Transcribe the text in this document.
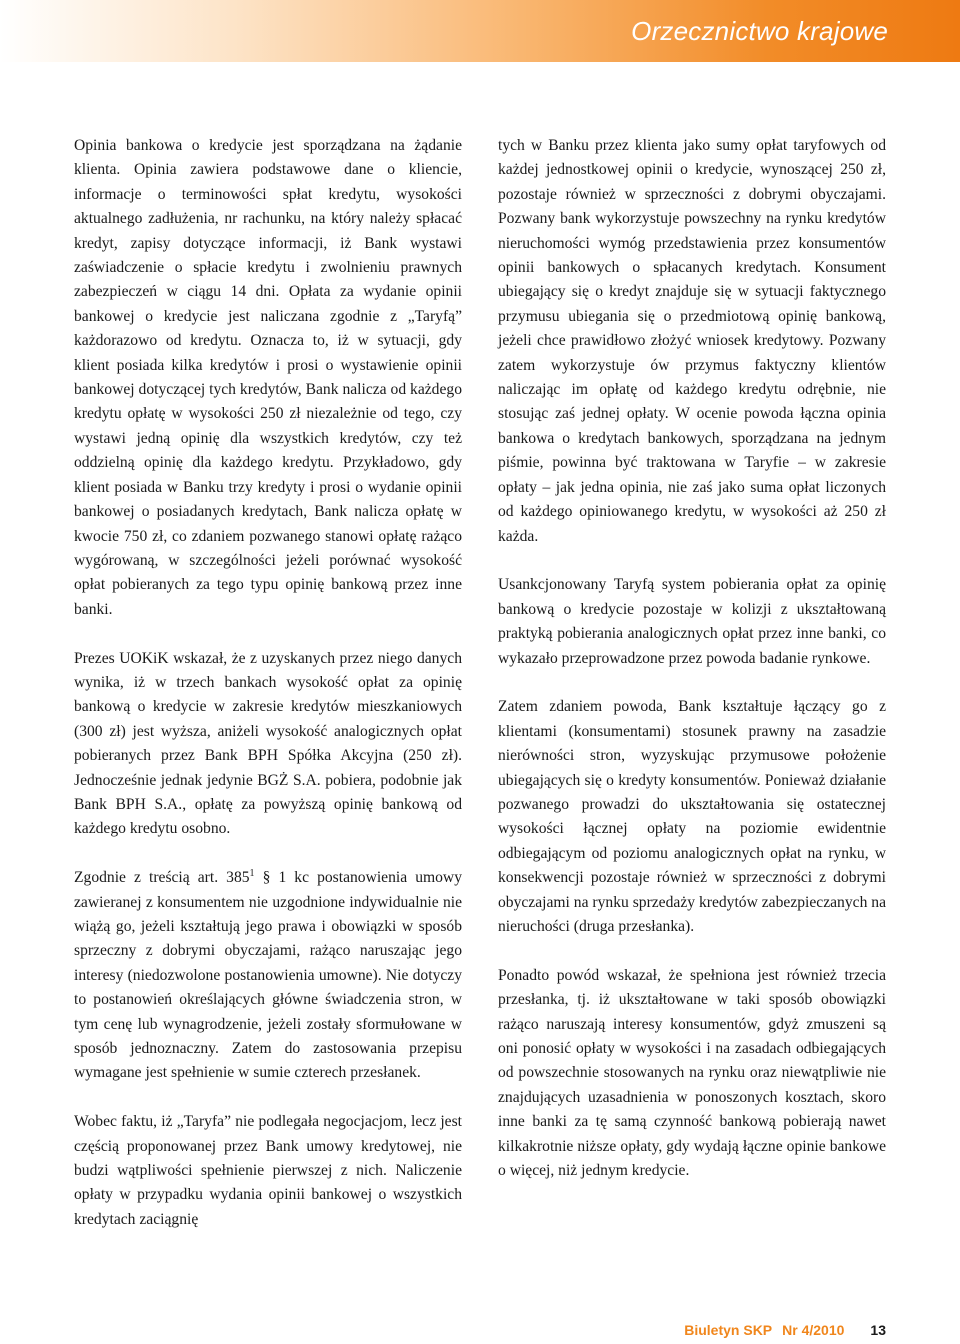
Orzecznictwo krajowe

Opinia bankowa o kredycie jest sporządzana na żądanie klienta. Opinia zawiera podstawowe dane o kliencie, informacje o terminowości spłat kredytu, wysokości aktualnego zadłużenia, nr rachunku, na który należy spłacać kredyt, zapisy dotyczące informacji, iż Bank wystawi zaświadczenie o spłacie kredytu i zwolnieniu prawnych zabezpieczeń w ciągu 14 dni. Opłata za wydanie opinii bankowej o kredycie jest naliczana zgodnie z „Taryfą” każdorazowo od kredytu. Oznacza to, iż w sytuacji, gdy klient posiada kilka kredytów i prosi o wystawienie opinii bankowej dotyczącej tych kredytów, Bank nalicza od każdego kredytu opłatę w wysokości 250 zł niezależnie od tego, czy wystawi jedną opinię dla wszystkich kredytów, czy też oddzielną opinię dla każdego kredytu. Przykładowo, gdy klient posiada w Banku trzy kredyty i prosi o wydanie opinii bankowej o posiadanych kredytach, Bank nalicza opłatę w kwocie 750 zł, co zdaniem pozwanego stanowi opłatę rażąco wygórowaną, w szczególności jeżeli porównać wysokość opłat pobieranych za tego typu opinię bankową przez inne banki.

Prezes UOKiK wskazał, że z uzyskanych przez niego danych wynika, iż w trzech bankach wysokość opłat za opinię bankową o kredycie w zakresie kredytów mieszkaniowych (300 zł) jest wyższa, aniżeli wysokość analogicznych opłat pobieranych przez Bank BPH Spółka Akcyjna (250 zł). Jednocześnie jednak jedynie BGŻ S.A. pobiera, podobnie jak Bank BPH S.A., opłatę za powyższą opinię bankową od każdego kredytu osobno.

Zgodnie z treścią art. $385^1$ § 1 kc postanowienia umowy zawieranej z konsumentem nie uzgodnione indywidualnie nie wiążą go, jeżeli kształtują jego prawa i obowiązki w sposób sprzeczny z dobrymi obyczajami, rażąco naruszając jego interesy (niedozwolone postanowienia umowne). Nie dotyczy to postanowień określających główne świadczenia stron, w tym cenę lub wynagrodzenie, jeżeli zostały sformułowane w sposób jednoznaczny. Zatem do zastosowania przepisu wymagane jest spełnienie w sumie czterech przesłanek.

Wobec faktu, iż „Taryfa” nie podlegała negocjacjom, lecz jest częścią proponowanej przez Bank umowy kredytowej, nie budzi wątpliwości spełnienie pierwszej z nich. Naliczenie opłaty w przypadku wydania opinii bankowej o wszystkich kredytach zaciągnię

tych w Banku przez klienta jako sumy opłat taryfowych od każdej jednostkowej opinii o kredycie, wynoszącej 250 zł, pozostaje również w sprzeczności z dobrymi obyczajami. Pozwany bank wykorzystuje powszechny na rynku kredytów nieruchomości wymóg przedstawienia przez konsumentów opinii bankowych o spłacanych kredytach. Konsument ubiegający się o kredyt znajduje się w sytuacji faktycznego przymusu ubiegania się o przedmiotową opinię bankową, jeżeli chce prawidłowo złożyć wniosek kredytowy. Pozwany zatem wykorzystuje ów przymus faktyczny klientów naliczając im opłatę od każdego kredytu odrębnie, nie stosując zaś jednej opłaty. W ocenie powoda łączna opinia bankowa o kredytach bankowych, sporządzana na jednym piśmie, powinna być traktowana w Taryfie – w zakresie opłaty – jak jedna opinia, nie zaś jako suma opłat liczonych od każdego opiniowanego kredytu, w wysokości aż 250 zł każda.

Usankcjonowany Taryfą system pobierania opłat za opinię bankową o kredycie pozostaje w kolizji z ukształtowaną praktyką pobierania analogicznych opłat przez inne banki, co wykazało przeprowadzone przez powoda badanie rynkowe.

Zatem zdaniem powoda, Bank kształtuje łączący go z klientami (konsumentami) stosunek prawny na zasadzie nierówności stron, wyzyskując przymusowe położenie ubiegających się o kredyty konsumentów. Ponieważ działanie pozwanego prowadzi do ukształtowania się ostatecznej wysokości łącznej opłaty na poziomie ewidentnie odbiegającym od poziomu analogicznych opłat na rynku, w konsekwencji pozostaje również w sprzeczności z dobrymi obyczajami na rynku sprzedaży kredytów zabezpieczanych na nieruchości (druga przesłanka).

Ponadto powód wskazał, że spełniona jest również trzecia przesłanka, tj. iż ukształtowane w taki sposób obowiązki rażąco naruszają interesy konsumentów, gdyż zmuszeni są oni ponosić opłaty w wysokości i na zasadach odbiegających od powszechnie stosowanych na rynku oraz niewątpliwie nie znajdujących uzasadnienia w ponoszonych kosztach, skoro inne banki za tę samą czynność bankową pobierają nawet kilkakrotnie niższe opłaty, gdy wydają łączne opinie bankowe o więcej, niż jednym kredycie.

Biuletyn SKP Nr 4/2010 13
